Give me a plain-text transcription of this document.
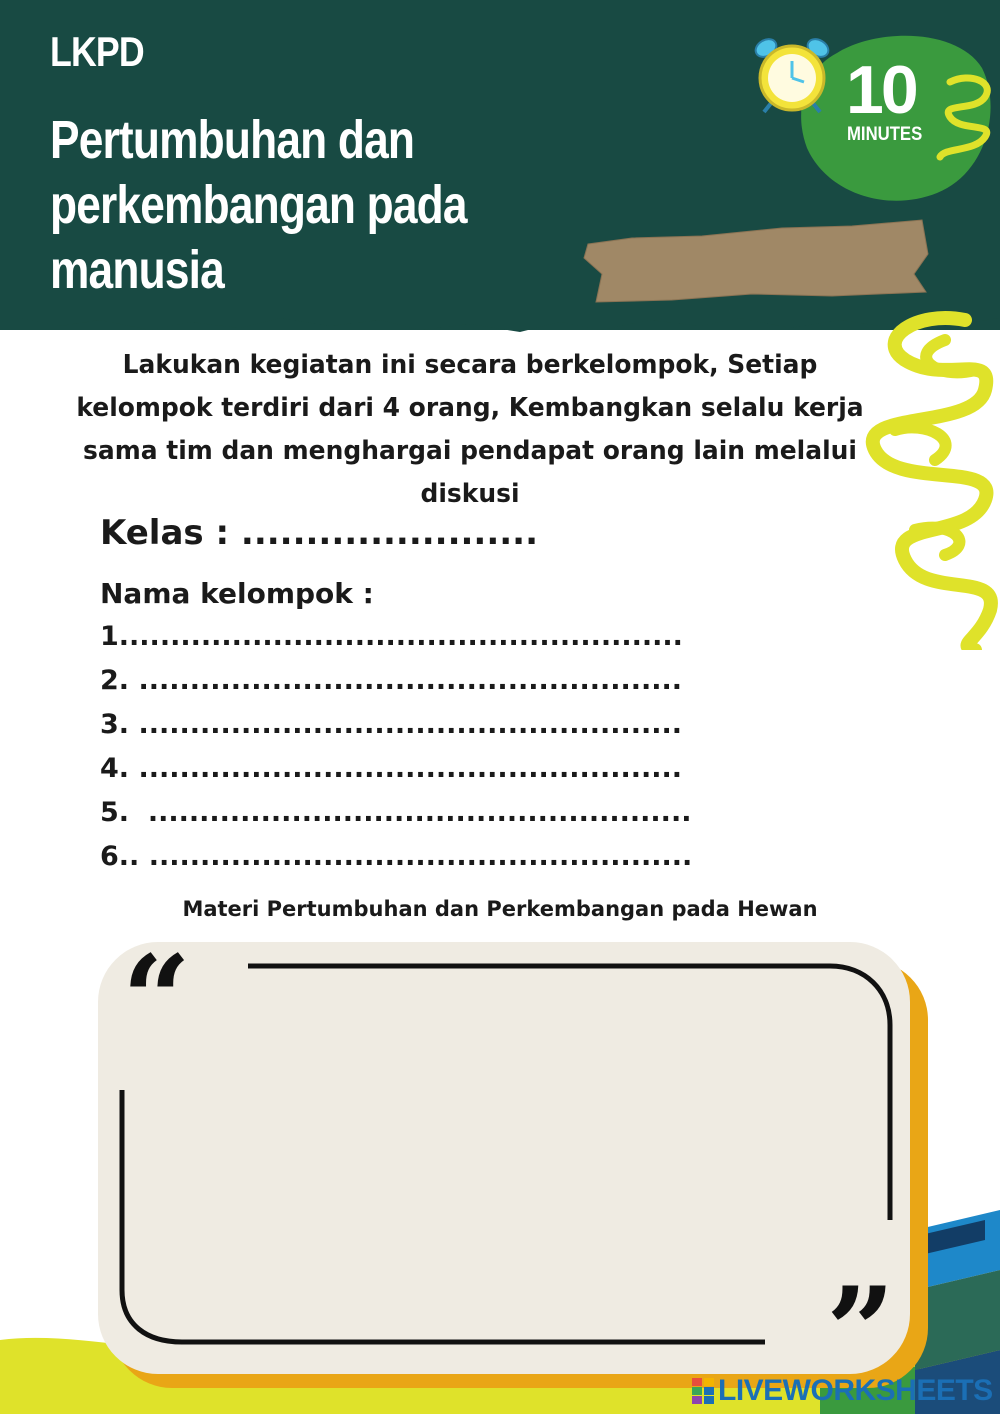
LKPD
Pertumbuhan dan perkembangan pada manusia
10
MINUTES
Lakukan kegiatan ini secara berkelompok, Setiap kelompok terdiri dari 4 orang, Kembangkan selalu kerja sama tim dan menghargai pendapat orang lain melalui diskusi
Kelas : .......................
Nama kelompok :
1.......................................................
2. .....................................................
3. .....................................................
4. .....................................................
5.  .....................................................
6.. .....................................................
Materi Pertumbuhan dan Perkembangan pada Hewan
“
”
LIVEWORKSHEETS
